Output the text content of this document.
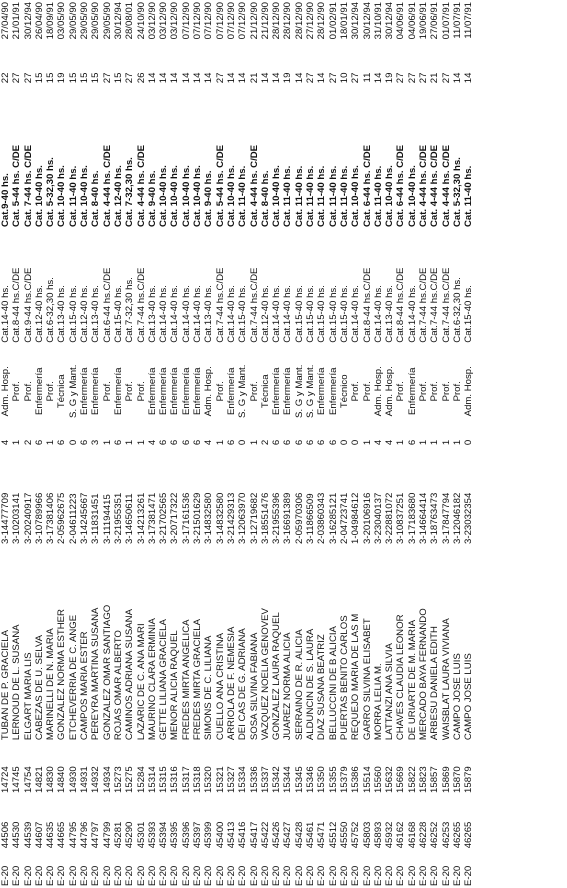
E-20	44506	14724	TUBAN DE P. GRACIELA	3-14477709	4	Adm. Hosp.	Cat.14-40 hs.	Cat.9-40 hs.	22	27/04/90
E-20	44530	14745	LERNOUD DE L. SUSANA	3-10203141	1	Prof.	Cat.8-44 hs.C/DE	Cat. 5-44 hs. C/DE	27	21/01/91
E-20	44539	14754	ELGART MARIA LIS	3-20240917	2	Prof.	Cat.9-44 hs.C/DE	Cat. 7-44 hs. C/DE	27	30/12/94
E-20	44607	14821	CABEZAS DE U. SELVA	3-10789966	6	Enfermería	Cat.12-40 hs.	Cat. 10-40 hs.	15	26/04/90
E-20	44635	14830	MARINELLI DE N. MARIA	3-17381406	1	Prof.	Cat.6-32,30 hs.	Cat. 5-32,30 hs.	15	18/09/91
E-20	44665	14840	GONZALEZ NORMA ESTHER	2-05962675	6	Técnica	Cat.13-40 hs.	Cat. 10-40 hs.	19	03/05/90
E-20	44795	14930	ETCHEVERRIA DE C. ANGE	2-04611223	0	S. G y Mant.	Cat.15-40 hs.	Cat. 11-40 hs.	15	29/05/90
E-20	44796	14931	CAMPOS MARIA ESTER	3-14245667	6	Enfermería	Cat.12-40 hs.	Cat. 10-40 hs.	15	29/05/90
E-20	44797	14932	PEREYRA MARTINA SUSANA	3-11831451	3	Enfermería	Cat.13-40 hs.	Cat. 8-40 hs.	15	29/05/90
E-20	44799	14934	GONZALEZ OMAR SANTIAGO	3-11194415	1	Prof.	Cat.6-44 hs.C/DE	Cat. 4-44 hs. C/DE	27	29/05/90
E-20	45281	15273	ROJAS OMAR ALBERTO	3-21955351	6	Enfermería	Cat.15-40 hs.	Cat. 12-40 hs.	15	30/12/94
E-20	45290	15275	CAMINOS ADRIANA SUSANA	3-14650611	1	Prof.	Cat.7-32,30 hs.	Cat. 7-32,30 hs.	27	28/08/01
E-20	45301	15284	LAZARIC DE C. ANA MARI	3-14213261	1	Prof.	Cat.7-44 hs.C/DE	Cat. 4-44 hs. C/DE	26	24/10/90
E-20	45393	15314	MAURINO CLARA ERMINIA	3-17381471	4	Enfermería	Cat.13-40 hs.	Cat. 9-40 hs.	14	03/12/90
E-20	45394	15315	GETTE LILIANA GRACIELA	3-21702565	6	Enfermería	Cat.14-40 hs.	Cat. 10-40 hs.	14	03/12/90
E-20	45395	15316	MENOR ALICIA RAQUEL	3-20717322	6	Enfermería	Cat.14-40 hs.	Cat. 10-40 hs.	14	03/12/90
E-20	45396	15317	FREDES MIRTA ANGELICA	3-17161536	6	Enfermería	Cat.14-40 hs.	Cat. 10-40 hs.	14	07/12/90
E-20	45397	15318	FREDES MIRTA GRACIELA	3-21501629	6	Enfermería	Cat.14-40 hs.	Cat. 10-40 hs.	14	07/12/90
E-20	45399	15320	SIMONS DE C. LILIANA	3-14832580	4	Adm. Hosp.	Cat.13-40 hs.	Cat. 9-40 hs.	14	07/12/90
E-20	45400	15321	CUELLO ANA CRISTINA	3-14832580	1	Prof.	Cat.7-44 hs.C/DE	Cat. 5-44 hs. C/DE	27	07/12/90
E-20	45413	15327	ARRIOLA DE F. NEMESIA	3-21429313	6	Enfermería	Cat.14-40 hs.	Cat. 10-40 hs.	14	07/12/90
E-20	45416	15334	DEI CAS DE G. ADRIANA	3-12063970	0	S. G y Mant.	Cat.15-40 hs.	Cat. 11-40 hs.	14	07/12/90
E-20	45417	15336	SOSA SILVINA FABIANA	3-12719682	1	Prof.	Cat.7-44 hs.C/DE	Cat. 4-44 hs. C/DE	21	21/12/90
E-20	45422	15337	VAZQUEZ NOELIA GENOVEV	3-18551476	2	Técnica	Cat.12-40 hs.	Cat. 8-40 hs.	14	21/12/90
E-20	45426	15342	GONZALEZ LAURA RAQUEL	3-21955396	6	Enfermería	Cat.14-40 hs.	Cat. 10-40 hs.	14	28/12/90
E-20	45427	15344	JUAREZ NORMA ALICIA	3-16691389	6	Enfermería	Cat.14-40 hs.	Cat. 11-40 hs.	19	28/12/90
E-20	45428	15345	SERRAINO DE R. ALICIA	2-05970306	6	S. G y Mant.	Cat.15-40 hs.	Cat. 11-40 hs.	14	28/12/90
E-20	45461	15346	ALDUNCIN DE S. LAURA	3-11866509	6	S. G y Mant.	Cat.15-40 hs.	Cat. 11-40 hs.	27	27/12/90
E-20	45471	15350	DIAZ SUSANA BEATRIZ	2-03860343	6	Enfermería	Cat.15-40 hs.	Cat. 11-40 hs.	14	28/12/90
E-20	45512	15355	BELLUCCINI DE B ALICIA	3-16285121	6	Enfermería	Cat.15-40 hs.	Cat. 11-40 hs.	27	01/02/91
E-20	45550	15379	PUERTAS BENITO CARLOS	2-04723741	0	Técnico	Cat.15-40 hs.	Cat. 11-40 hs.	10	18/01/91
E-20	45752	15386	REQUEJO MARIA DE LAS M	1-04984612	0	Prof.	Cat.14-40 hs.	Cat. 10-40 hs.	27	30/12/94
E-20	45803	15514	GARRO SILVINA ELISABET	3-20106916	1	Prof.	Cat.8-44 hs.C/DE	Cat. 6-44 hs. C/DE	11	30/12/94
E-20	45893	15560	MORRA LELIA M.	3-23040137	4	Adm. Hosp.	Cat.14-40 hs.	Cat. 11-40 hs.	14	31/10/91
E-20	45932	15632	LATTANZI ANA SILVIA	3-22881072	4	Adm. Hosp.	Cat.13-40 hs.	Cat. 10-40 hs.	19	30/12/94
E-20	46162	15669	CHAVES CLAUDIA LEONOR	3-10837251	1	Prof.	Cat.8-44 hs.C/DE	Cat. 6-44 hs. C/DE	27	04/06/91
E-20	46168	15822	DE URIARTE DE M. MARIA	3-17183680	6	Enfermería	Cat.14-40 hs.	Cat. 10-40 hs.	27	04/06/91
E-20	46228	15823	MERCADO BAYA FERNANDO	3-14664414	1	Prof.	Cat.7-44 hs.C/DE	Cat. 4-44 hs. C/DE	27	19/06/91
E-20	46252	15857	ARBESU DANIELA EDITH	3-18763473	1	Prof.	Cat.7-44 hs.C/DE	Cat. 4-44 hs. C/DE	21	27/06/91
E-20	46253	15869	WAISBLAT LAURA VIVIANA	3-17847794	1	Prof.	Cat.7-44 hs.C/DE	Cat. 4-44 hs. C/DE	27	01/07/91
E-20	46265	15870	CAMPO JOSE LUIS	3-12046182	1	Prof.	Cat.6-32,30 hs.	Cat. 5-32,30 hs.	14	11/07/91
E-20	46265	15879	CAMPO JOSE LUIS	3-23032354	0	Adm. Hosp.	Cat.15-40 hs.	Cat. 11-40 hs.	14	11/07/91
